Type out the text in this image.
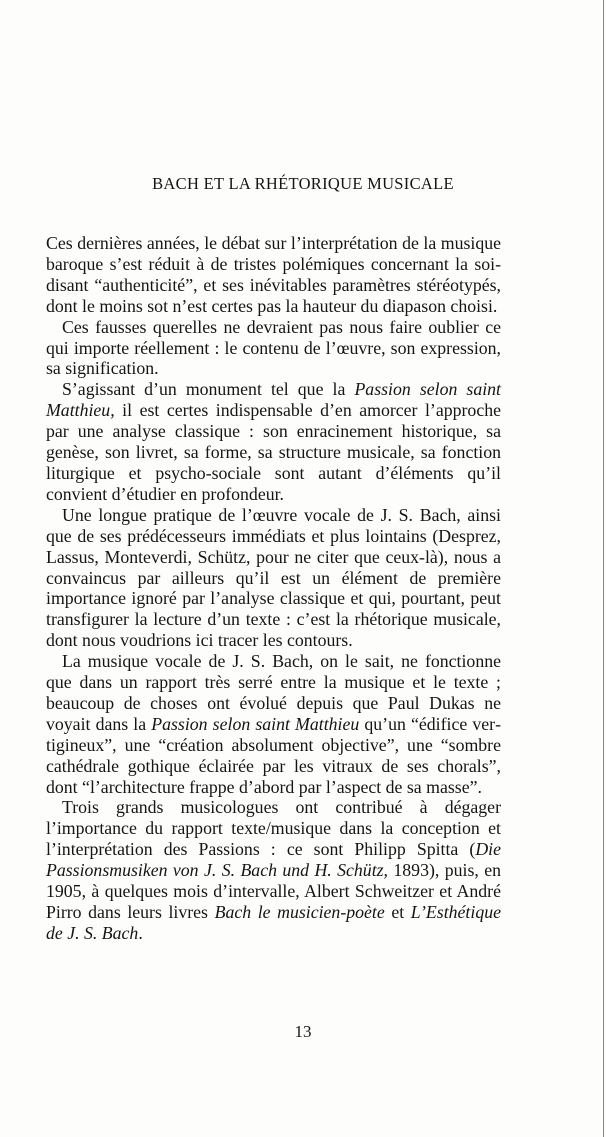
BACH ET LA RHÉTORIQUE MUSICALE

Ces dernières années, le débat sur l’interprétation de la musique baroque s’est réduit à de tristes polémiques concernant la soi-disant “authenticité”, et ses inévitables paramètres stéréotypés, dont le moins sot n’est certes pas la hauteur du diapason choisi.

Ces fausses querelles ne devraient pas nous faire oublier ce qui importe réellement : le contenu de l’œuvre, son expression, sa signification.

S’agissant d’un monument tel que la Passion selon saint Matthieu, il est certes indispensable d’en amorcer l’approche par une analyse classique : son enracinement historique, sa genèse, son livret, sa forme, sa structure musicale, sa fonction liturgique et psycho-sociale sont autant d’éléments qu’il convient d’étudier en profondeur.

Une longue pratique de l’œuvre vocale de J. S. Bach, ainsi que de ses prédécesseurs immédiats et plus lointains (Desprez, Lassus, Monteverdi, Schütz, pour ne citer que ceux-là), nous a convaincus par ailleurs qu’il est un élément de première importance ignoré par l’analyse classique et qui, pourtant, peut transfigurer la lecture d’un texte : c’est la rhétorique musicale, dont nous voudrions ici tracer les contours.

La musique vocale de J. S. Bach, on le sait, ne fonctionne que dans un rapport très serré entre la musique et le texte ; beaucoup de choses ont évolué depuis que Paul Dukas ne voyait dans la Passion selon saint Matthieu qu’un “édifice vertigineux”, une “création absolument objective”, une “sombre cathédrale gothique éclairée par les vitraux de ses chorals”, dont “l’architecture frappe d’abord par l’aspect de sa masse”.

Trois grands musicologues ont contribué à dégager l’importance du rapport texte/musique dans la conception et l’interprétation des Passions : ce sont Philipp Spitta (Die Passionsmusiken von J. S. Bach und H. Schütz, 1893), puis, en 1905, à quelques mois d’intervalle, Albert Schweitzer et André Pirro dans leurs livres Bach le musicien-poète et L’Esthétique de J. S. Bach.

13
